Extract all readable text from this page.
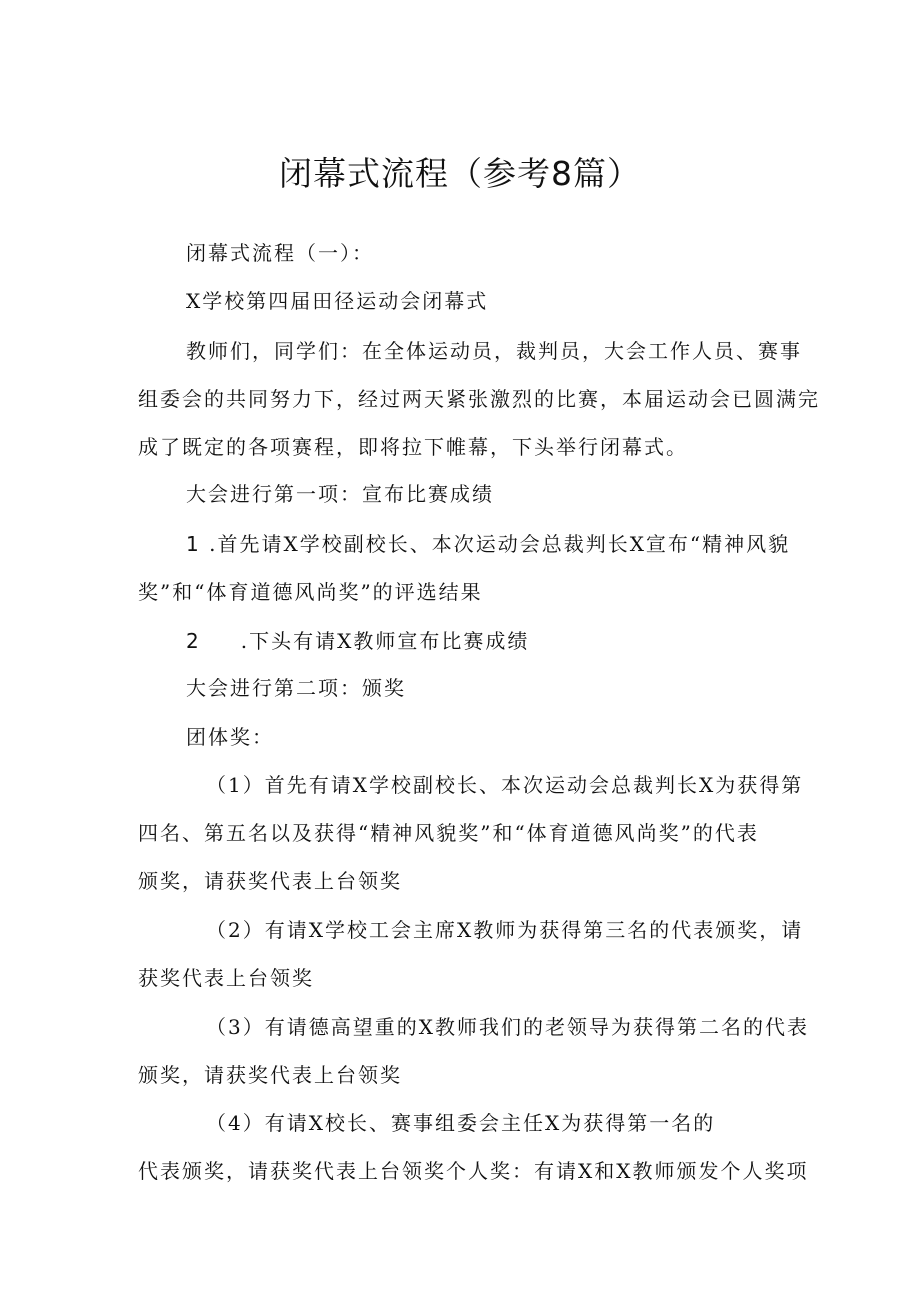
闭幕式流程（参考8篇）

闭幕式流程（一）：

X学校第四届田径运动会闭幕式

教师们，同学们：在全体运动员，裁判员，大会工作人员、赛事
组委会的共同努力下，经过两天紧张激烈的比赛，本届运动会已圆满完
成了既定的各项赛程，即将拉下帷幕，下头举行闭幕式。

大会进行第一项：宣布比赛成绩

1 .首先请X学校副校长、本次运动会总裁判长X宣布“精神风貌
奖”和“体育道德风尚奖”的评选结果

2 .下头有请X教师宣布比赛成绩

大会进行第二项：颁奖

团体奖：

（1）首先有请X学校副校长、本次运动会总裁判长X为获得第
四名、第五名以及获得“精神风貌奖”和“体育道德风尚奖”的代表
颁奖，请获奖代表上台领奖

（2）有请X学校工会主席X教师为获得第三名的代表颁奖，请
获奖代表上台领奖

（3）有请德高望重的X教师我们的老领导为获得第二名的代表
颁奖，请获奖代表上台领奖

（4）有请X校长、赛事组委会主任X为获得第一名的
代表颁奖，请获奖代表上台领奖个人奖：有请X和X教师颁发个人奖项
